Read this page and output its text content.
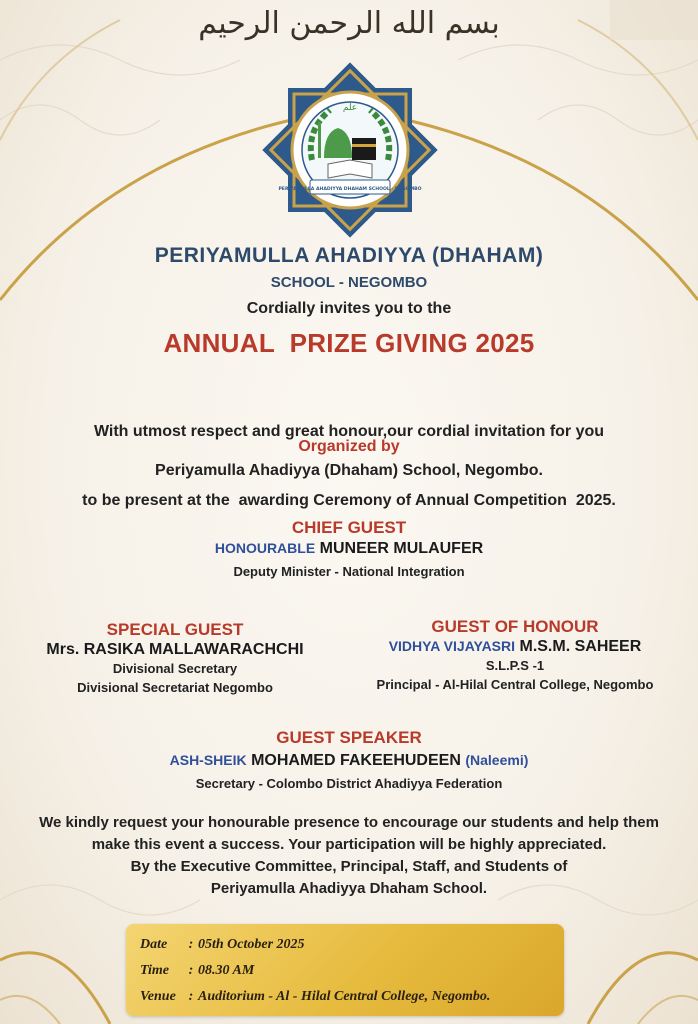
بسم الله الرحمن الرحيم
علم
PERIYAMULLA AHADIYYA DHAHAM SCHOOL - NEGOMBO
PERIYAMULLA AHADIYYA (DHAHAM)
SCHOOL - NEGOMBO
Cordially invites you to the
ANNUAL  PRIZE GIVING 2025

With utmost respect and great honour,our cordial invitation for you

to be present at the  awarding Ceremony of Annual Competition  2025.

Organized by
Periyamulla Ahadiyya (Dhaham) School, Negombo.
CHIEF GUEST
HONOURABLE MUNEER MULAUFER
Deputy Minister - National Integration
SPECIAL GUEST
Mrs. RASIKA MALLAWARACHCHI
Divisional Secretary
Divisional Secretariat Negombo
GUEST OF HONOUR
VIDHYA VIJAYASRI M.S.M. SAHEER
S.L.P.S -1
Principal - Al-Hilal Central College, Negombo
GUEST SPEAKER
ASH-SHEIK MOHAMED FAKEEHUDEEN (Naleemi)
Secretary - Colombo District Ahadiyya Federation
We kindly request your honourable presence to encourage our students and help them
make this event a success. Your participation will be highly appreciated.
By the Executive Committee, Principal, Staff, and Students of
Periyamulla Ahadiyya Dhaham School.
Date	: 05th October 2025
Time	: 08.30 AM
Venue : Auditorium - Al - Hilal Central College, Negombo.
